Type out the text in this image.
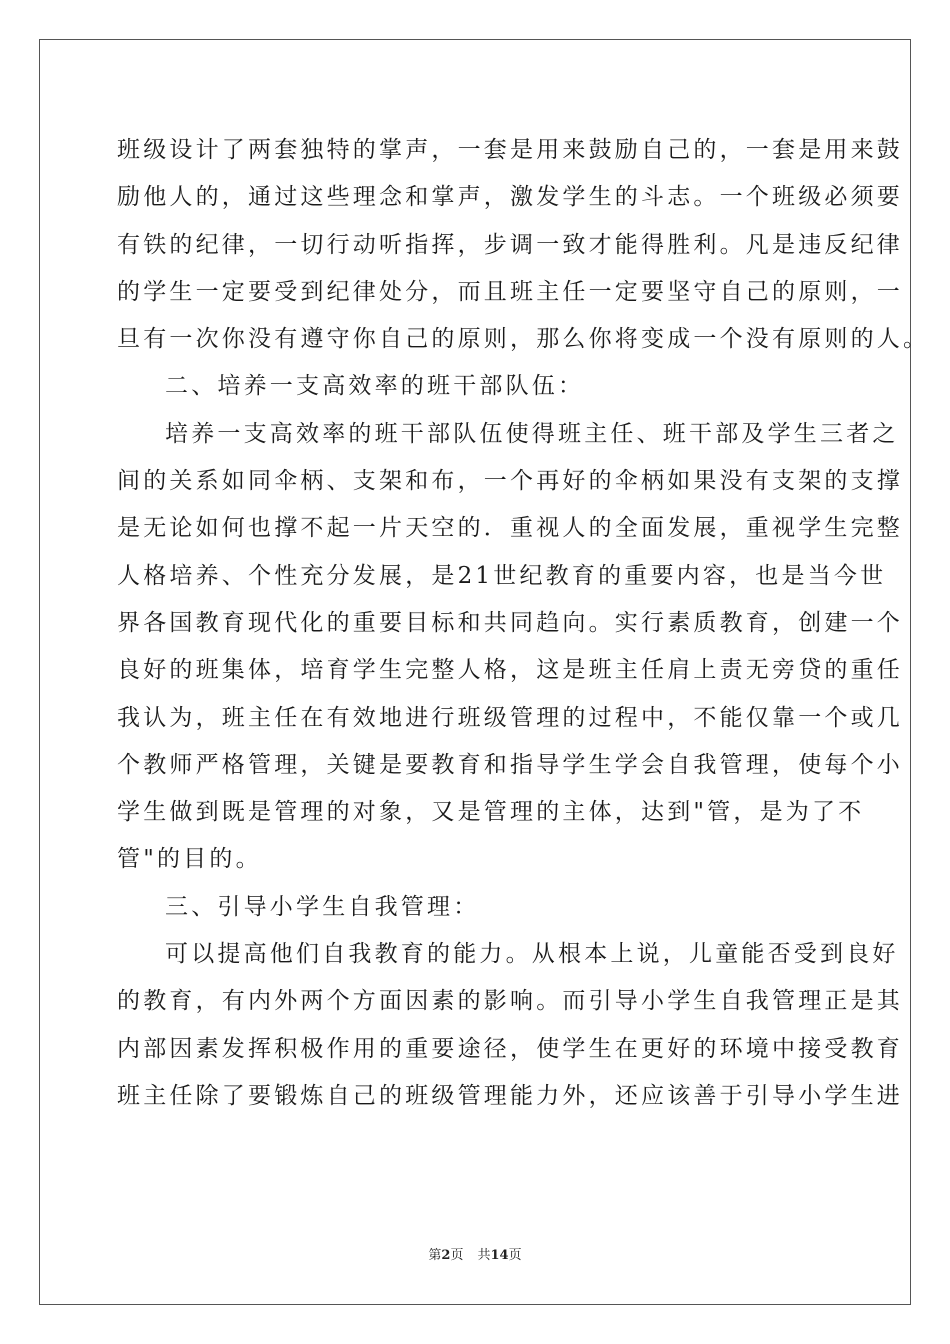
班级设计了两套独特的掌声，一套是用来鼓励自己的，一套是用来鼓
励他人的，通过这些理念和掌声，激发学生的斗志。一个班级必须要
有铁的纪律，一切行动听指挥，步调一致才能得胜利。凡是违反纪律
的学生一定要受到纪律处分，而且班主任一定要坚守自己的原则，一
旦有一次你没有遵守你自己的原则，那么你将变成一个没有原则的人。
二、培养一支高效率的班干部队伍：
培养一支高效率的班干部队伍使得班主任、班干部及学生三者之
间的关系如同伞柄、支架和布，一个再好的伞柄如果没有支架的支撑
是无论如何也撑不起一片天空的．重视人的全面发展，重视学生完整
人格培养、个性充分发展，是21世纪教育的重要内容，也是当今世
界各国教育现代化的重要目标和共同趋向。实行素质教育，创建一个
良好的班集体，培育学生完整人格，这是班主任肩上责无旁贷的重任
我认为，班主任在有效地进行班级管理的过程中，不能仅靠一个或几
个教师严格管理，关键是要教育和指导学生学会自我管理，使每个小
学生做到既是管理的对象，又是管理的主体，达到"管，是为了不
管"的目的。
三、引导小学生自我管理：
可以提高他们自我教育的能力。从根本上说，儿童能否受到良好
的教育，有内外两个方面因素的影响。而引导小学生自我管理正是其
内部因素发挥积极作用的重要途径，使学生在更好的环境中接受教育
班主任除了要锻炼自己的班级管理能力外，还应该善于引导小学生进
第2页 共14页
